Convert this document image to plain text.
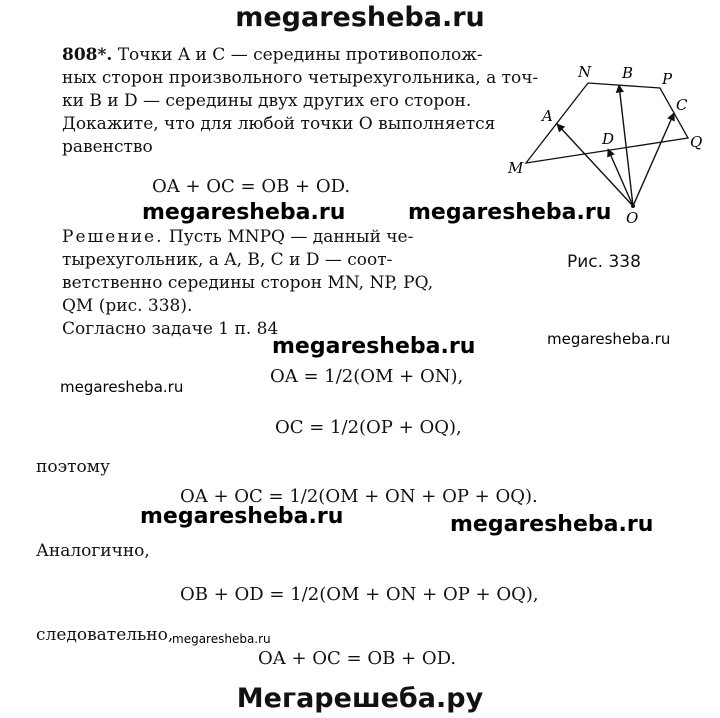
megaresheba.ru
Мегарешеба.ру
808*. Точки A и C — середины противополож-
ных сторон произвольного четырехугольника, а точ-
ки B и D — середины двух других его сторон.
Докажите, что для любой точки O выполняется
равенство
OA + OC = OB + OD.
megaresheba.ru	megaresheba.ru
Решение. Пусть MNPQ — данный че-
тырехугольник, а A, B, C и D — соот-
ветственно середины сторон MN, NP, PQ,
QM (рис. 338).
Согласно задаче 1 п. 84	megaresheba.ru
megaresheba.ru
megaresheba.ru	OA = 1/2(OM + ON),
OC = 1/2(OP + OQ),
поэтому
OA + OC = 1/2(OM + ON + OP + OQ).
megaresheba.ru	megaresheba.ru
Аналогично,
OB + OD = 1/2(OM + ON + OP + OQ),
следовательно,
megaresheba.ru
OA + OC = OB + OD.
M
N B P
C
A
D	Q
O
Рис. 338
